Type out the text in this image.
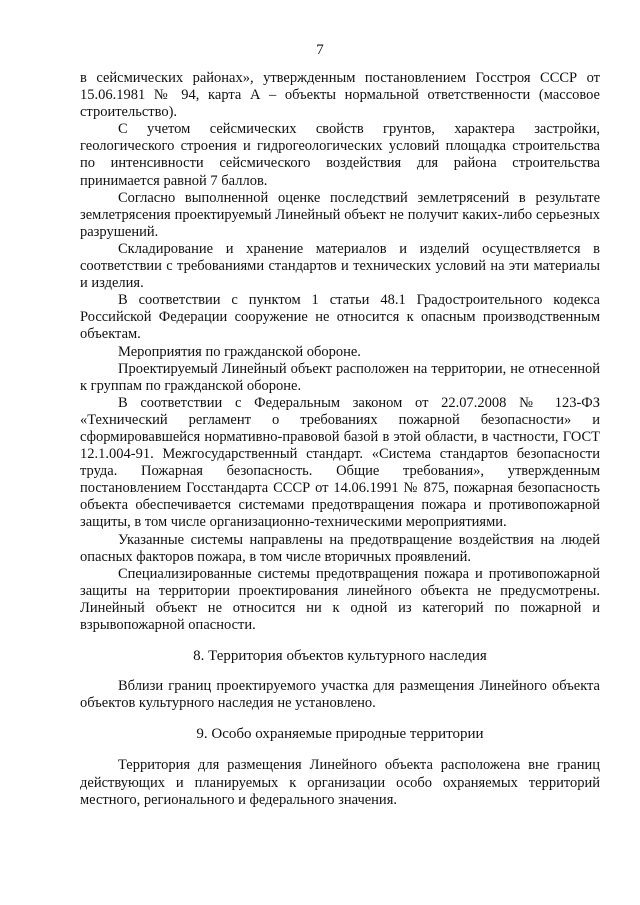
7

в сейсмических районах», утвержденным постановлением Госстроя СССР от 15.06.1981 № 94, карта А – объекты нормальной ответственности (массовое строительство).

С учетом сейсмических свойств грунтов, характера застройки, геологического строения и гидрогеологических условий площадка строительства по интенсивности сейсмического воздействия для района строительства принимается равной 7 баллов.

Согласно выполненной оценке последствий землетрясений в результате землетрясения проектируемый Линейный объект не получит каких-либо серьезных разрушений.

Складирование и хранение материалов и изделий осуществляется в соответствии с требованиями стандартов и технических условий на эти материалы и изделия.

В соответствии с пунктом 1 статьи 48.1 Градостроительного кодекса Российской Федерации сооружение не относится к опасным производственным объектам.

Мероприятия по гражданской обороне.

Проектируемый Линейный объект расположен на территории, не отнесенной к группам по гражданской обороне.

В соответствии с Федеральным законом от 22.07.2008 № 123-ФЗ «Технический регламент о требованиях пожарной безопасности» и сформировавшейся нормативно-правовой базой в этой области, в частности, ГОСТ 12.1.004-91. Межгосударственный стандарт. «Система стандартов безопасности труда. Пожарная безопасность. Общие требования», утвержденным постановлением Госстандарта СССР от 14.06.1991 № 875, пожарная безопасность объекта обеспечивается системами предотвращения пожара и противопожарной защиты, в том числе организационно-техническими мероприятиями.

Указанные системы направлены на предотвращение воздействия на людей опасных факторов пожара, в том числе вторичных проявлений.

Специализированные системы предотвращения пожара и противопожарной защиты на территории проектирования линейного объекта не предусмотрены. Линейный объект не относится ни к одной из категорий по пожарной и взрывопожарной опасности.

8. Территория объектов культурного наследия

Вблизи границ проектируемого участка для размещения Линейного объекта объектов культурного наследия не установлено.

9. Особо охраняемые природные территории

Территория для размещения Линейного объекта расположена вне границ действующих и планируемых к организации особо охраняемых территорий местного, регионального и федерального значения.
